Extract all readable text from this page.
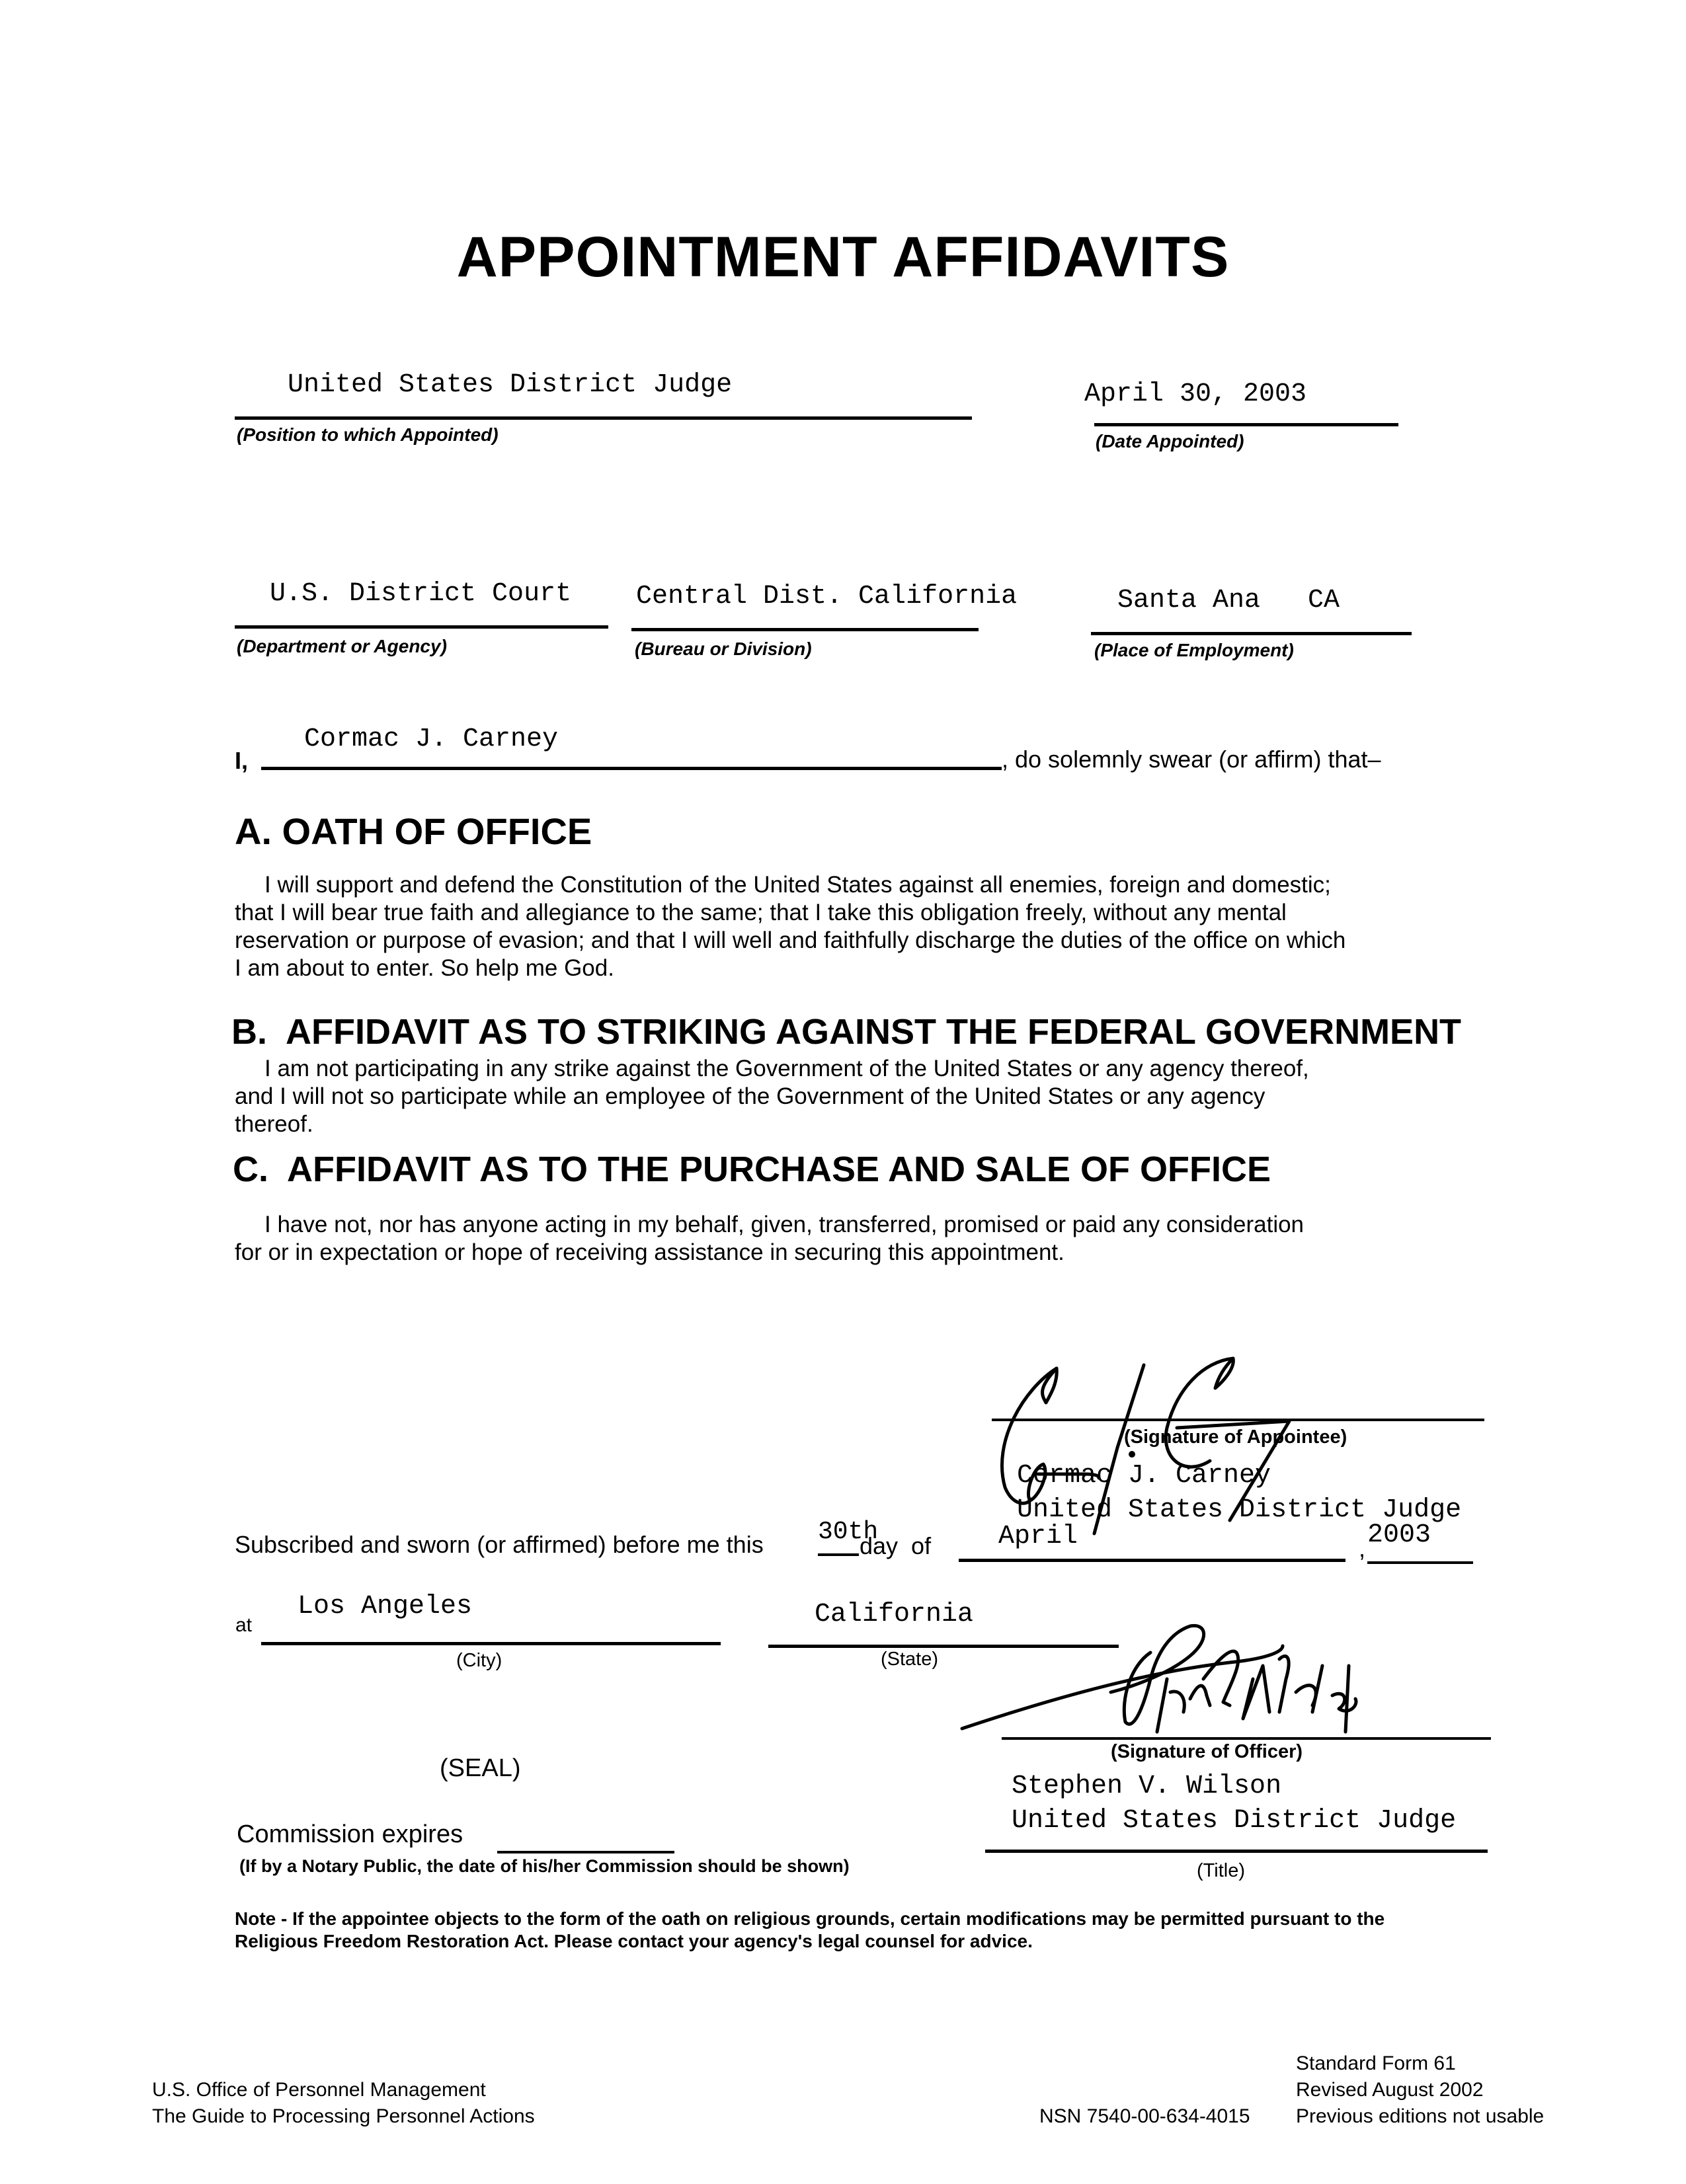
APPOINTMENT AFFIDAVITS
United States District Judge
(Position to which Appointed)
April 30, 2003
(Date Appointed)
U.S. District Court
(Department or Agency)
Central Dist. California
(Bureau or Division)
Santa Ana   CA
(Place of Employment)
I,
Cormac J. Carney
, do solemnly swear (or affirm) that–
A. OATH OF OFFICE
I will support and defend the Constitution of the United States against all enemies, foreign and domestic;
that I will bear true faith and allegiance to the same; that I take this obligation freely, without any mental
reservation or purpose of evasion; and that I will well and faithfully discharge the duties of the office on which
I am about to enter. So help me God.
B.  AFFIDAVIT AS TO STRIKING AGAINST THE FEDERAL GOVERNMENT
I am not participating in any strike against the Government of the United States or any agency thereof,
and I will not so participate while an employee of the Government of the United States or any agency
thereof.
C.  AFFIDAVIT AS TO THE PURCHASE AND SALE OF OFFICE
I have not, nor has anyone acting in my behalf, given, transferred, promised or paid any consideration
for or in expectation or hope of receiving assistance in securing this appointment.
(Signature of Appointee)
Cormac J. Carney
United States District Judge
Subscribed and sworn (or affirmed) before me this 30th
day  of	April	, 2003
at
Los Angeles
(City)
California
(State)
(Signature of Officer)
Stephen V. Wilson
United States District Judge
(Title)
(SEAL)
Commission expires
(If by a Notary Public, the date of his/her Commission should be shown)
Note - If the appointee objects to the form of the oath on religious grounds, certain modifications may be permitted pursuant to the
Religious Freedom Restoration Act. Please contact your agency's legal counsel for advice.
U.S. Office of Personnel Management
The Guide to Processing Personnel Actions	NSN 7540-00-634-4015
Standard Form 61
Revised August 2002
Previous editions not usable
